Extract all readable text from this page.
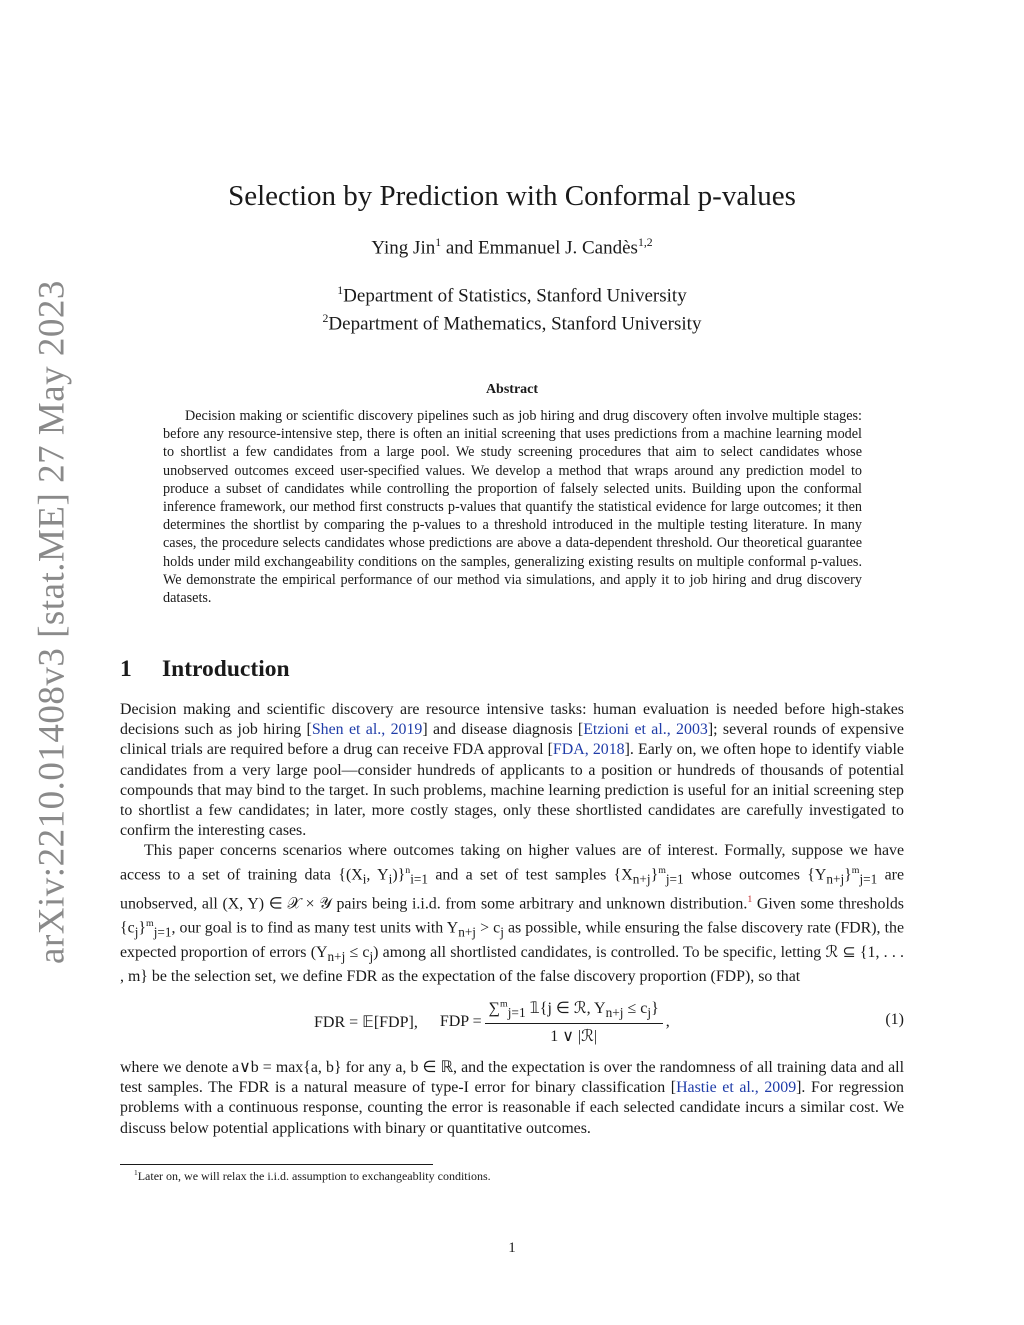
arXiv:2210.01408v3 [stat.ME] 27 May 2023
Selection by Prediction with Conformal p-values
Ying Jin$^1$ and Emmanuel J. Candès$^{1,2}$
$^1$Department of Statistics, Stanford University
$^2$Department of Mathematics, Stanford University
Abstract

Decision making or scientific discovery pipelines such as job hiring and drug discovery often involve multiple stages: before any resource-intensive step, there is often an initial screening that uses predictions from a machine learning model to shortlist a few candidates from a large pool. We study screening procedures that aim to select candidates whose unobserved outcomes exceed user-specified values. We develop a method that wraps around any prediction model to produce a subset of candidates while controlling the proportion of falsely selected units. Building upon the conformal inference framework, our method first constructs p-values that quantify the statistical evidence for large outcomes; it then determines the shortlist by comparing the p-values to a threshold introduced in the multiple testing literature. In many cases, the procedure selects candidates whose predictions are above a data-dependent threshold. Our theoretical guarantee holds under mild exchangeability conditions on the samples, generalizing existing results on multiple conformal p-values. We demonstrate the empirical performance of our method via simulations, and apply it to job hiring and drug discovery datasets.

1 Introduction

Decision making and scientific discovery are resource intensive tasks: human evaluation is needed before high-stakes decisions such as job hiring [Shen et al., 2019] and disease diagnosis [Etzioni et al., 2003]; several rounds of expensive clinical trials are required before a drug can receive FDA approval [FDA, 2018]. Early on, we often hope to identify viable candidates from a very large pool—consider hundreds of applicants to a position or hundreds of thousands of potential compounds that may bind to the target. In such problems, machine learning prediction is useful for an initial screening step to shortlist a few candidates; in later, more costly stages, only these shortlisted candidates are carefully investigated to confirm the interesting cases.

This paper concerns scenarios where outcomes taking on higher values are of interest. Formally, suppose we have access to a set of training data {($X_i$, $Y_i)\}^n_{i=1}$ and a set of test samples $\{X_{n+j}\}^m_{j=1}$ whose outcomes $\{Y_{n+j}\}^m_{j=1}$ are unobserved, all (X, Y) ∈ 𝒳 × 𝒴 pairs being i.i.d. from some arbitrary and unknown distribution.$^1$ Given some thresholds $\{c_j\}^m_{j=1}$, our goal is to find as many test units with $Y_{n+j} > c_j$ as possible, while ensuring the false discovery rate (FDR), the expected proportion of errors $(Y_{n+j} \le c_j)$ among all shortlisted candidates, is controlled. To be specific, letting ℛ ⊆ {1, . . . , m} be the selection set, we define FDR as the expectation of the false discovery proportion (FDP), so that

FDR = 𝔼[FDP], FDP = $\frac{\sum^m_{j=1} 𝟙\{j \in ℛ, Y_{n+j} \le c_j\}}{\text{1 ∨ |ℛ|}}$ ,	(1)

where we denote a∨b = max{a, b} for any a, b ∈ ℝ, and the expectation is over the randomness of all training data and all test samples. The FDR is a natural measure of type-I error for binary classification [Hastie et al., 2009]. For regression problems with a continuous response, counting the error is reasonable if each selected candidate incurs a similar cost. We discuss below potential applications with binary or quantitative outcomes.

$^1$Later on, we will relax the i.i.d. assumption to exchangeablity conditions.
1
